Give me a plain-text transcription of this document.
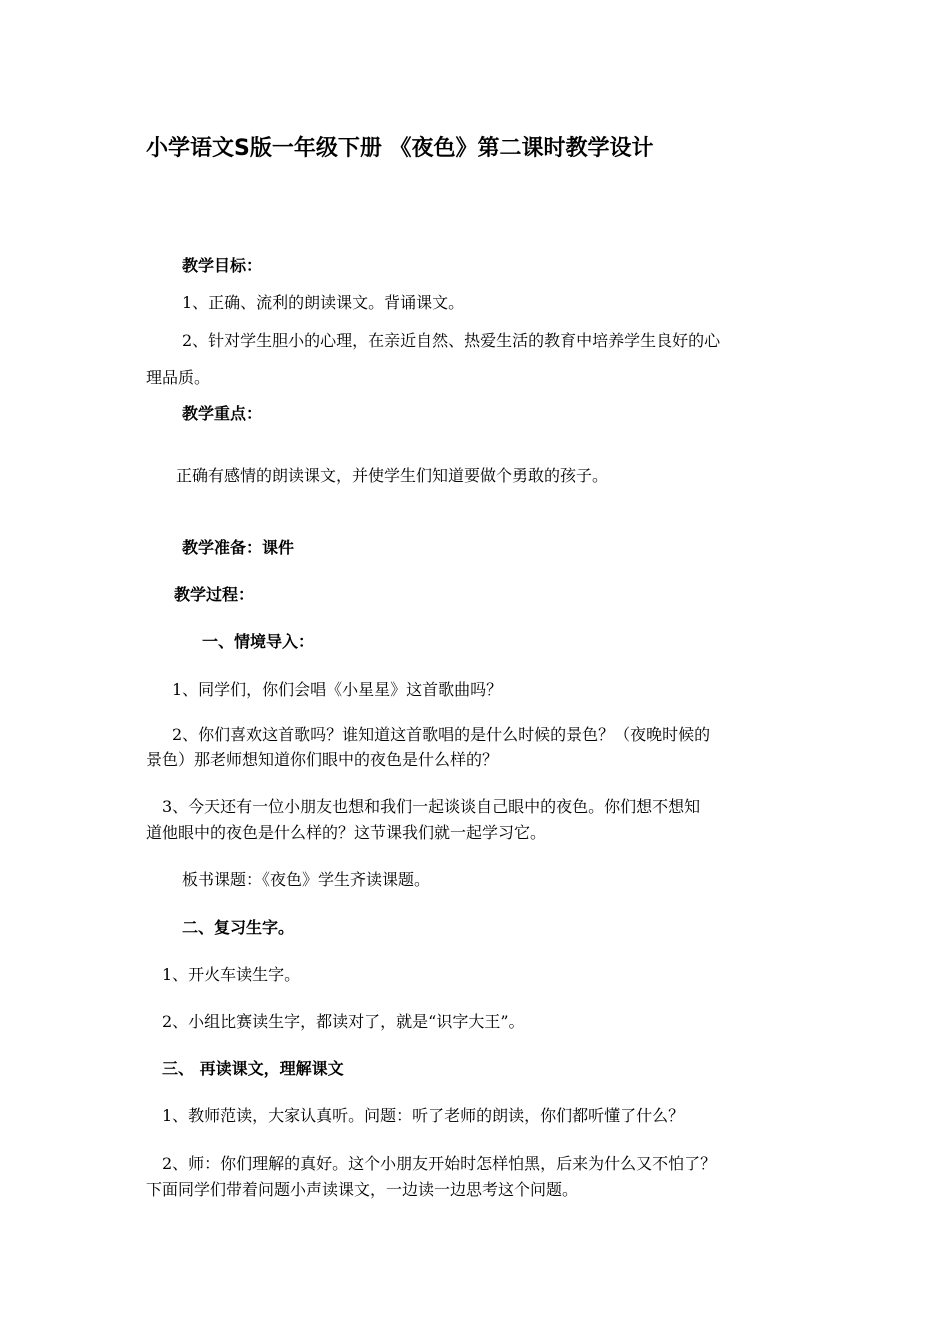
小学语文S版一年级下册 《夜色》第二课时教学设计
教学目标：
1、正确、流利的朗读课文。背诵课文。
2、针对学生胆小的心理，在亲近自然、热爱生活的教育中培养学生良好的心
理品质。
教学重点：
正确有感情的朗读课文，并使学生们知道要做个勇敢的孩子。
教学准备：课件
教学过程：
一、情境导入：
1、同学们，你们会唱《小星星》这首歌曲吗？
2、你们喜欢这首歌吗？谁知道这首歌唱的是什么时候的景色？（夜晚时候的
景色）那老师想知道你们眼中的夜色是什么样的？
3、今天还有一位小朋友也想和我们一起谈谈自己眼中的夜色。你们想不想知
道他眼中的夜色是什么样的？这节课我们就一起学习它。
板书课题：《夜色》学生齐读课题。
二、复习生字。
1、开火车读生字。
2、小组比赛读生字，都读对了，就是“识字大王”。
三、 再读课文，理解课文
1、教师范读，大家认真听。问题：听了老师的朗读，你们都听懂了什么？
2、师：你们理解的真好。这个小朋友开始时怎样怕黑，后来为什么又不怕了？
下面同学们带着问题小声读课文，一边读一边思考这个问题。
